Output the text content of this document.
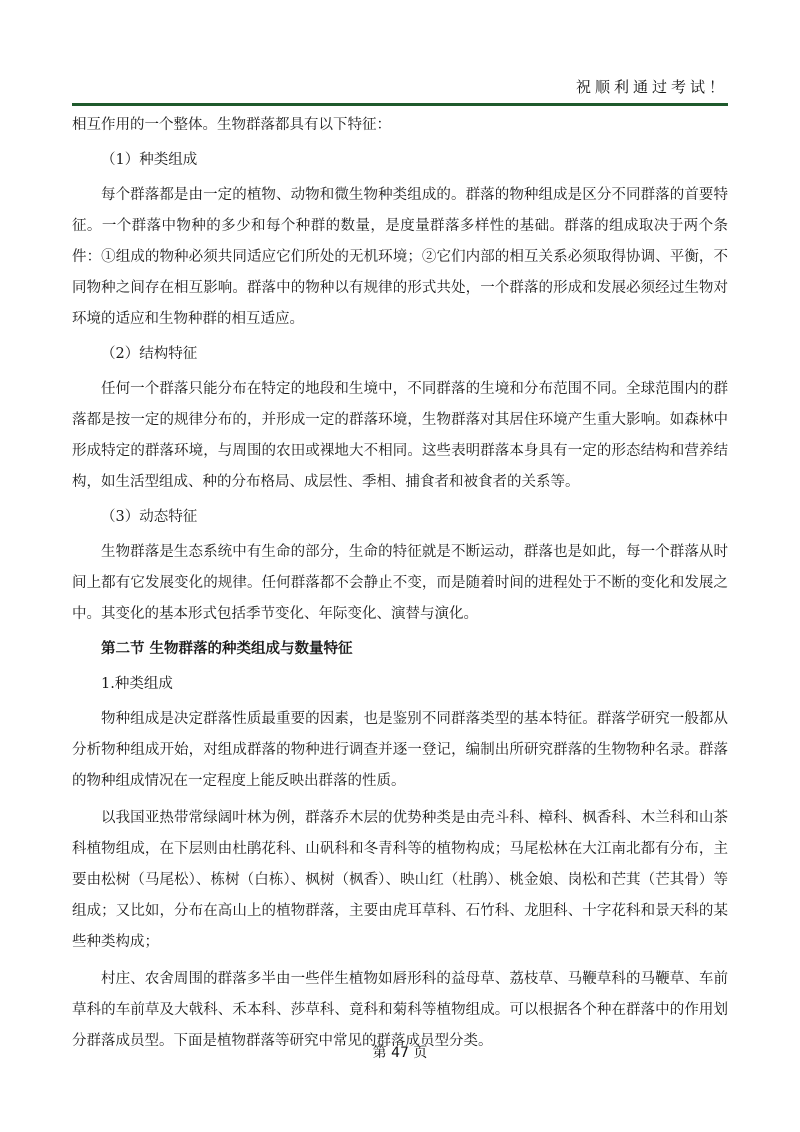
祝顺利通过考试！

相互作用的一个整体。生物群落都具有以下特征：

（1）种类组成

每个群落都是由一定的植物、动物和微生物种类组成的。群落的物种组成是区分不同群落的首要特征。一个群落中物种的多少和每个种群的数量，是度量群落多样性的基础。群落的组成取决于两个条件：①组成的物种必须共同适应它们所处的无机环境；②它们内部的相互关系必须取得协调、平衡，不同物种之间存在相互影响。群落中的物种以有规律的形式共处，一个群落的形成和发展必须经过生物对环境的适应和生物种群的相互适应。

（2）结构特征

任何一个群落只能分布在特定的地段和生境中，不同群落的生境和分布范围不同。全球范围内的群落都是按一定的规律分布的，并形成一定的群落环境，生物群落对其居住环境产生重大影响。如森林中形成特定的群落环境，与周围的农田或裸地大不相同。这些表明群落本身具有一定的形态结构和营养结构，如生活型组成、种的分布格局、成层性、季相、捕食者和被食者的关系等。

（3）动态特征

生物群落是生态系统中有生命的部分，生命的特征就是不断运动，群落也是如此，每一个群落从时间上都有它发展变化的规律。任何群落都不会静止不变，而是随着时间的进程处于不断的变化和发展之中。其变化的基本形式包括季节变化、年际变化、演替与演化。

第二节 生物群落的种类组成与数量特征

1.种类组成

物种组成是决定群落性质最重要的因素，也是鉴别不同群落类型的基本特征。群落学研究一般都从分析物种组成开始，对组成群落的物种进行调查并逐一登记，编制出所研究群落的生物物种名录。群落的物种组成情况在一定程度上能反映出群落的性质。

以我国亚热带常绿阔叶林为例，群落乔木层的优势种类是由壳斗科、樟科、枫香科、木兰科和山茶科植物组成，在下层则由杜鹃花科、山矾科和冬青科等的植物构成；马尾松林在大江南北都有分布，主要由松树（马尾松）、栋树（白栋）、枫树（枫香）、映山红（杜鹃）、桃金娘、岗松和芒萁（芒其骨）等组成；又比如，分布在高山上的植物群落，主要由虎耳草科、石竹科、龙胆科、十字花科和景天科的某些种类构成；

村庄、农舍周围的群落多半由一些伴生植物如唇形科的益母草、荔枝草、马鞭草科的马鞭草、车前草科的车前草及大戟科、禾本科、莎草科、竟科和菊科等植物组成。可以根据各个种在群落中的作用划分群落成员型。下面是植物群落等研究中常见的群落成员型分类。

第 47 页
